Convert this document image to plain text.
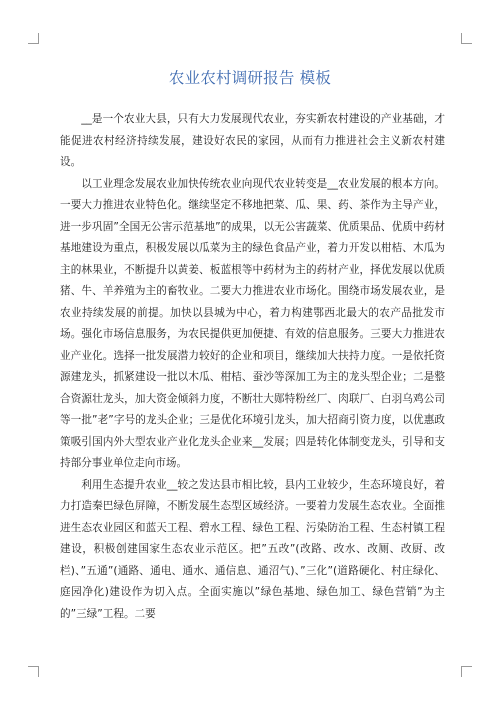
农业农村调研报告 模板

__是一个农业大县，只有大力发展现代农业，夯实新农村建设的产业基础，才能促进农村经济持续发展，建设好农民的家园，从而有力推进社会主义新农村建设。

以工业理念发展农业加快传统农业向现代农业转变是__农业发展的根本方向。一要大力推进农业特色化。继续坚定不移地把菜、瓜、果、药、茶作为主导产业，进一步巩固”全国无公害示范基地”的成果，以无公害蔬菜、优质果品、优质中药材基地建设为重点，积极发展以瓜菜为主的绿色食品产业，着力开发以柑桔、木瓜为主的林果业，不断提升以黄姜、板蓝根等中药材为主的药材产业，择优发展以优质猪、牛、羊养殖为主的畜牧业。二要大力推进农业市场化。围绕市场发展农业，是农业持续发展的前提。加快以县城为中心，着力构建鄂西北最大的农产品批发市场。强化市场信息服务，为农民提供更加便捷、有效的信息服务。三要大力推进农业产业化。选择一批发展潜力较好的企业和项目，继续加大扶持力度。一是依托资源建龙头，抓紧建设一批以木瓜、柑桔、蚕沙等深加工为主的龙头型企业；二是整合资源壮龙头，加大资金倾斜力度，不断壮大郧特粉丝厂、肉联厂、白羽乌鸡公司等一批”老”字号的龙头企业；三是优化环境引龙头，加大招商引资力度，以优惠政策吸引国内外大型农业产业化龙头企业来__发展；四是转化体制变龙头，引导和支持部分事业单位走向市场。

利用生态提升农业__较之发达县市相比较，县内工业较少，生态环境良好，着力打造秦巴绿色屏障，不断发展生态型区域经济。一要着力发展生态农业。全面推进生态农业园区和蓝天工程、碧水工程、绿色工程、污染防治工程、生态村镇工程建设，积极创建国家生态农业示范区。把”五改”(改路、改水、改厕、改厨、改栏)、”五通”(通路、通电、通水、通信息、通沼气)、”三化”(道路硬化、村庄绿化、庭园净化)建设作为切入点。全面实施以”绿色基地、绿色加工、绿色营销”为主的”三绿”工程。二要
